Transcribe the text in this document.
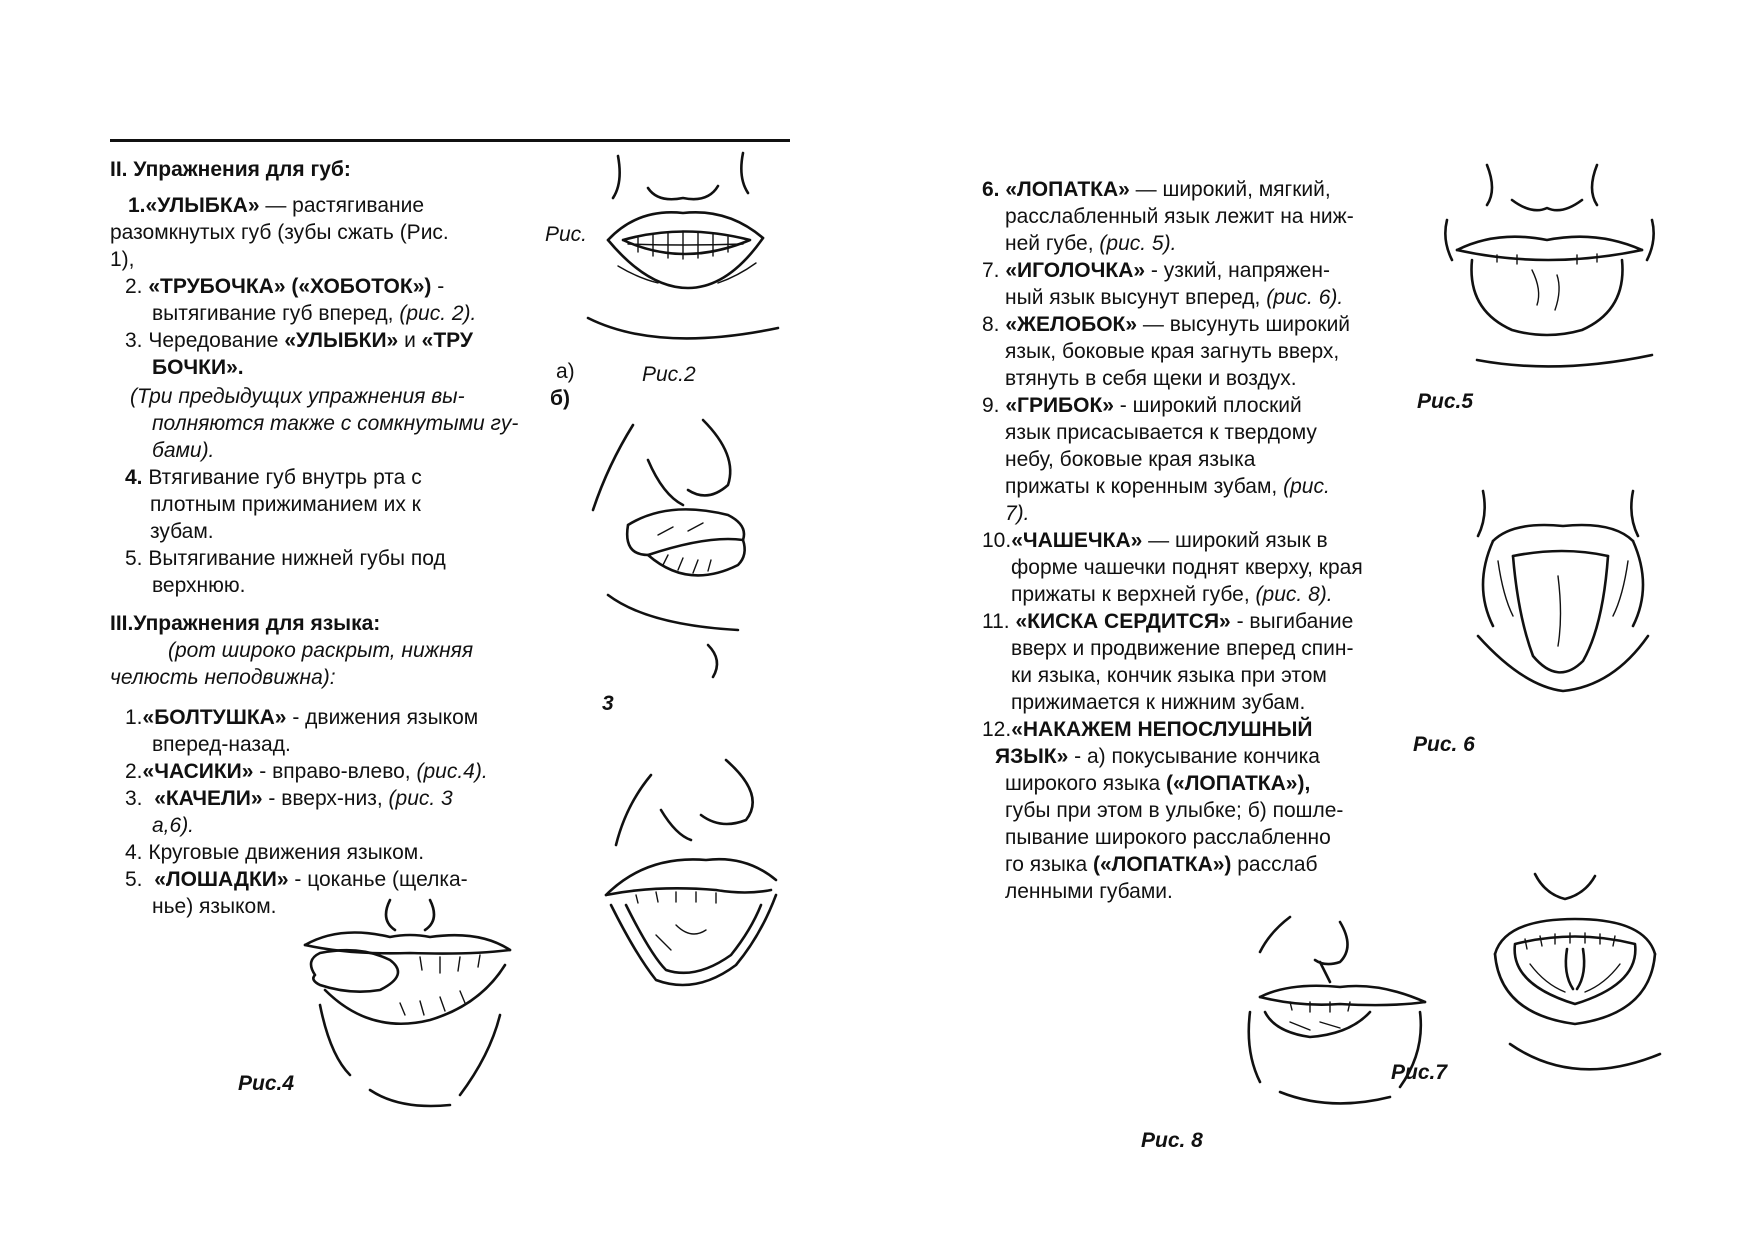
II. Упражнения для губ:
1.«УЛЫБКА» — растягивание
разомкнутых губ (зубы сжать (Рис.
1),
2. «ТРУБОЧКА» («ХОБОТОК») -
вытягивание губ вперед, (рис. 2).
3. Чередование «УЛЫБКИ» и «ТРУ
БОЧКИ».
(Три предыдущих упражнения вы-
полняются также с сомкнутыми гу-
бами).
4. Втягивание губ внутрь рта с
плотным прижиманием их к
зубам.
5. Вытягивание нижней губы под
верхнюю.
III.Упражнения для языка:
(рот широко раскрыт, нижняя
челюсть неподвижна):
1.«БОЛТУШКА» - движения языком
вперед-назад.
2.«ЧАСИКИ» - вправо-влево, (рис.4).
3. «КАЧЕЛИ» - вверх-низ, (рис. 3
а,6).
4. Круговые движения языком.
5. «ЛОШАДКИ» - цоканье (щелка-
нье) языком.
Рис.
Рис.2
а)
б)
3
Рис.4
6. «ЛОПАТКА» — широкий, мягкий,
расслабленный язык лежит на ниж-
ней губе, (рис. 5).
7. «ИГОЛОЧКА» - узкий, напряжен-
ный язык высунут вперед, (рис. 6).
8. «ЖЕЛОБОК» — высунуть широкий
язык, боковые края загнуть вверх,
втянуть в себя щеки и воздух.
9. «ГРИБОК» - широкий плоский
язык присасывается к твердому
небу, боковые края языка
прижаты к коренным зубам, (рис.
7).
10.«ЧАШЕЧКА» — широкий язык в
форме чашечки поднят кверху, края
прижаты к верхней губе, (рис. 8).
11. «КИСКА СЕРДИТСЯ» - выгибание
вверх и продвижение вперед спин-
ки языка, кончик языка при этом
прижимается к нижним зубам.
12.«НАКАЖЕМ НЕПОСЛУШНЫЙ
ЯЗЫК» - а) покусывание кончика
широкого языка («ЛОПАТКА»),
губы при этом в улыбке; б) пошле-
пывание широкого расслабленно
го языка («ЛОПАТКА») расслаб
ленными губами.
Рис.5
Рис. 6
Рис.7
Рис. 8
